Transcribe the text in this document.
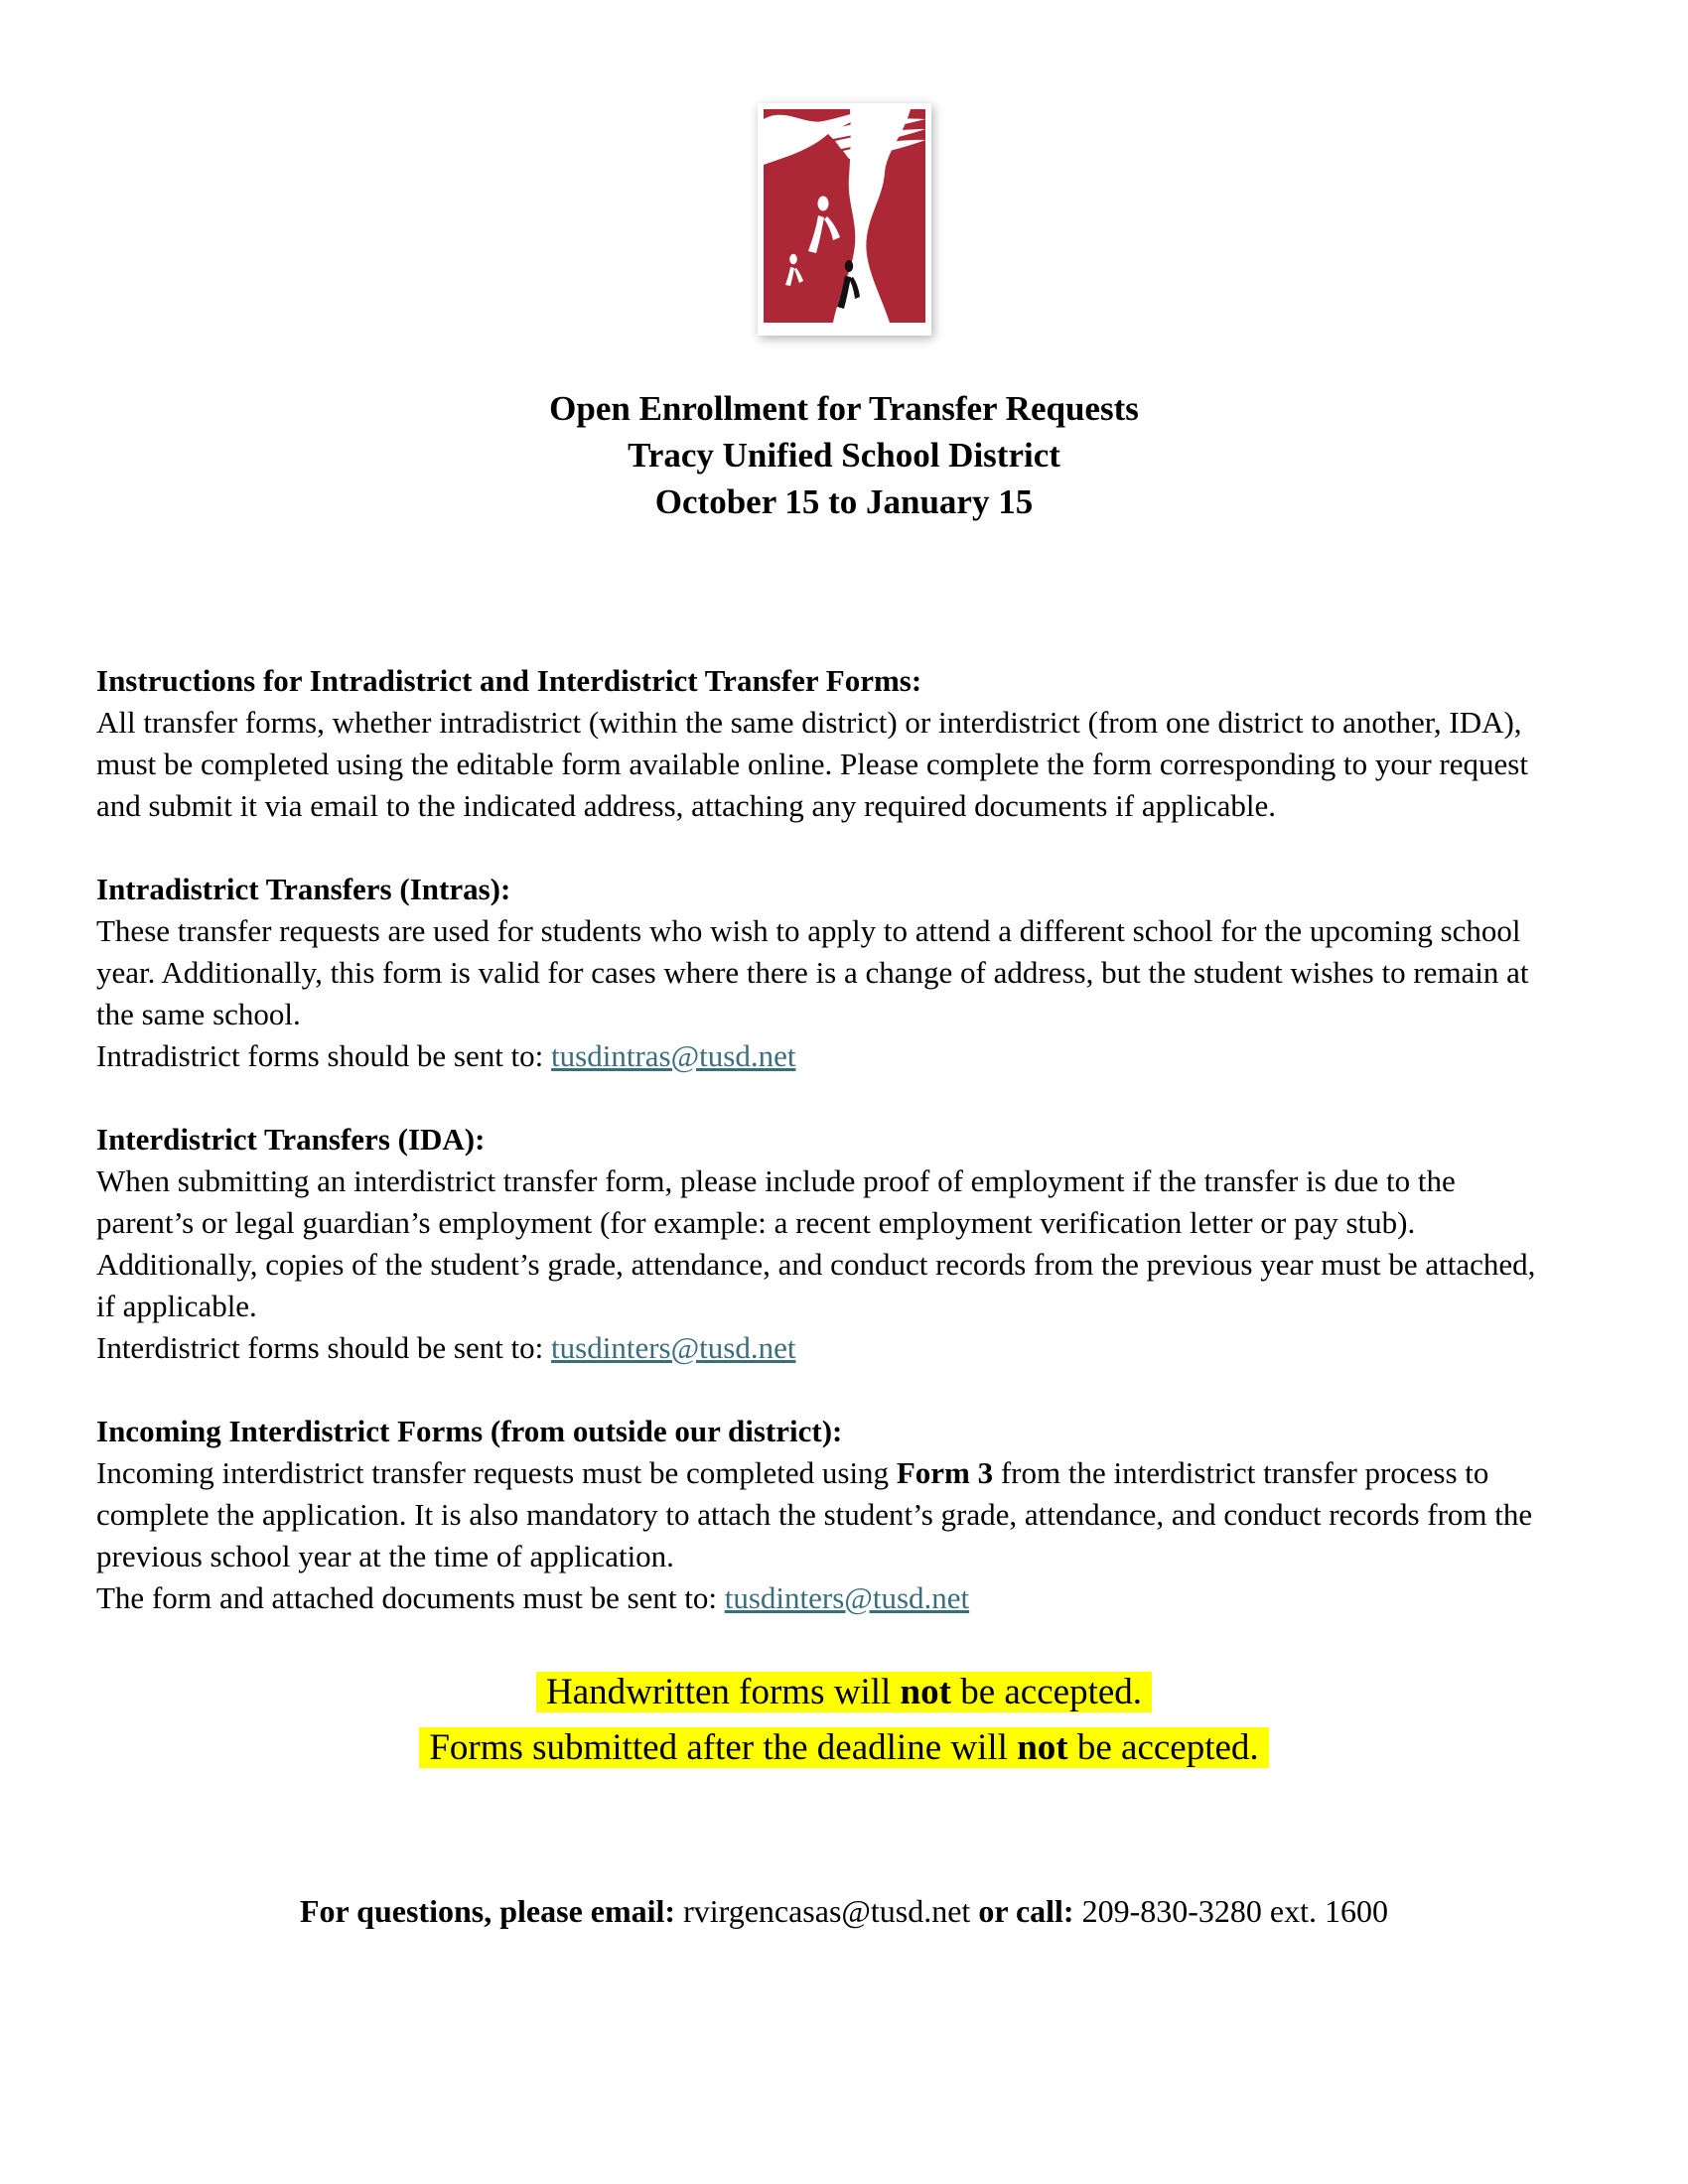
Open Enrollment for Transfer Requests
Tracy Unified School District
October 15 to January 15
Instructions for Intradistrict and Interdistrict Transfer Forms:
All transfer forms, whether intradistrict (within the same district) or interdistrict (from one district to another, IDA), must be completed using the editable form available online. Please complete the form corresponding to your request and submit it via email to the indicated address, attaching any required documents if applicable.
Intradistrict Transfers (Intras):
These transfer requests are used for students who wish to apply to attend a different school for the upcoming school year. Additionally, this form is valid for cases where there is a change of address, but the student wishes to remain at the same school.
Intradistrict forms should be sent to: tusdintras@tusd.net
Interdistrict Transfers (IDA):
When submitting an interdistrict transfer form, please include proof of employment if the transfer is due to the parent’s or legal guardian’s employment (for example: a recent employment verification letter or pay stub). Additionally, copies of the student’s grade, attendance, and conduct records from the previous year must be attached, if applicable.
Interdistrict forms should be sent to: tusdinters@tusd.net
Incoming Interdistrict Forms (from outside our district):
Incoming interdistrict transfer requests must be completed using Form 3 from the interdistrict transfer process to complete the application. It is also mandatory to attach the student’s grade, attendance, and conduct records from the previous school year at the time of application.
The form and attached documents must be sent to: tusdinters@tusd.net
Handwritten forms will not be accepted.
Forms submitted after the deadline will not be accepted.
For questions, please email: rvirgencasas@tusd.net or call: 209-830-3280 ext. 1600
